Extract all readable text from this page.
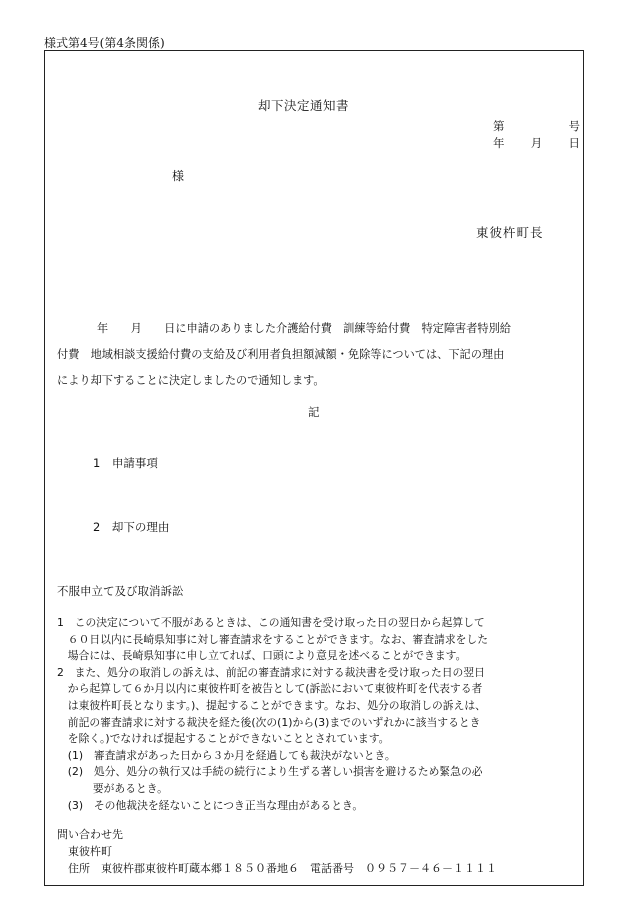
様式第4号(第4条関係)
却下決定通知書
第	号
年 月 日
様
東彼杵町長
年　　月　　日に申請のありました介護給付費　訓練等給付費　特定障害者特別給
付費　地域相談支援給付費の支給及び利用者負担額減額・免除等については、下記の理由
により却下することに決定しましたので通知します。
記
1　申請事項
2　却下の理由
不服申立て及び取消訴訟
1　この決定について不服があるときは、この通知書を受け取った日の翌日から起算して
　６０日以内に長崎県知事に対し審査請求をすることができます。なお、審査請求をした
　場合には、長崎県知事に申し立てれば、口頭により意見を述べることができます。
2　また、処分の取消しの訴えは、前記の審査請求に対する裁決書を受け取った日の翌日
　から起算して６か月以内に東彼杵町を被告として(訴訟において東彼杵町を代表する者
　は東彼杵町長となります。)、提起することができます。なお、処分の取消しの訴えは、
　前記の審査請求に対する裁決を経た後(次の(1)から(3)までのいずれかに該当するとき
　を除く。)でなければ提起することができないこととされています。
　(1)　審査請求があった日から３か月を経過しても裁決がないとき。
　(2)　処分、処分の執行又は手続の続行により生ずる著しい損害を避けるため緊急の必
　　　 要があるとき。
　(3)　その他裁決を経ないことにつき正当な理由があるとき。
問い合わせ先
　東彼杵町
　住所　東彼杵郡東彼杵町蔵本郷１８５０番地６　電話番号　０９５７－４６－１１１１
